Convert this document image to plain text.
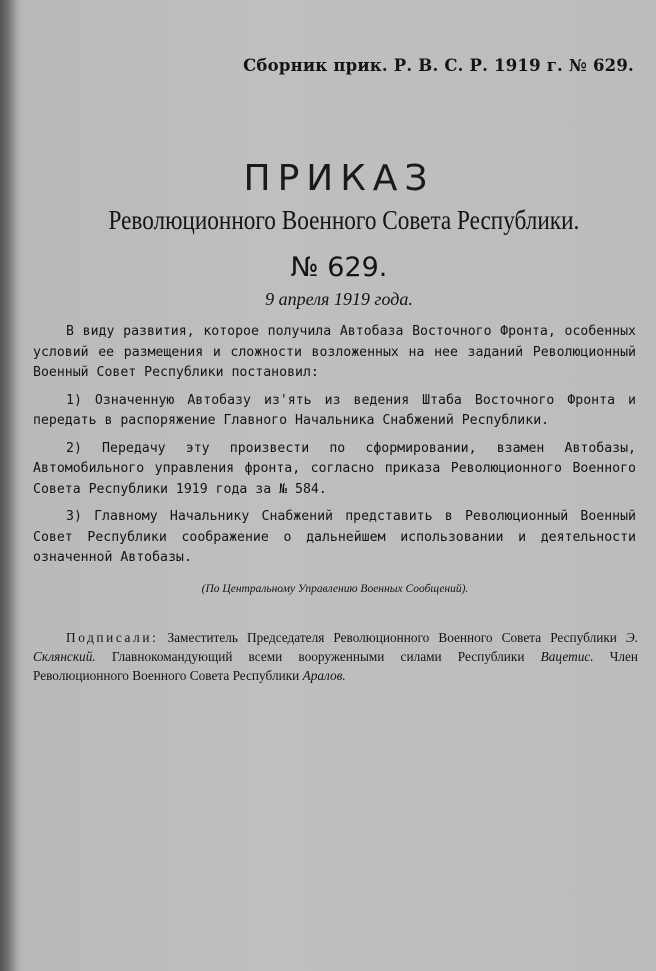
Сборник прик. Р. В. С. Р. 1919 г. № 629.
ПРИКАЗ
Революционного Военного Совета Республики.
№ 629.
9 апреля 1919 года.

В виду развития, которое получила Автобаза Восточного Фронта, особенных условий ее размещения и сложности возложенных на нее заданий Революционный Военный Совет Республики постановил:

1) Означенную Автобазу из'ять из ведения Штаба Восточного Фронта и передать в распоряжение Главного Начальника Снабжений Республики.

2) Передачу эту произвести по сформировании, взамен Автобазы, Автомобильного управления фронта, согласно приказа Революционного Военного Совета Республики 1919 года за № 584.

3) Главному Начальнику Снабжений представить в Революционный Военный Совет Республики соображение о дальнейшем использовании и деятельности означенной Автобазы.

(По Центральному Управлению Военных Сообщений).
Подписали: Заместитель Председателя Революционного Военного Совета Республики Э. Склянский. Главнокомандующий всеми вооруженными силами Республики Вацетис. Член Революционного Военного Совета Республики Аралов.
